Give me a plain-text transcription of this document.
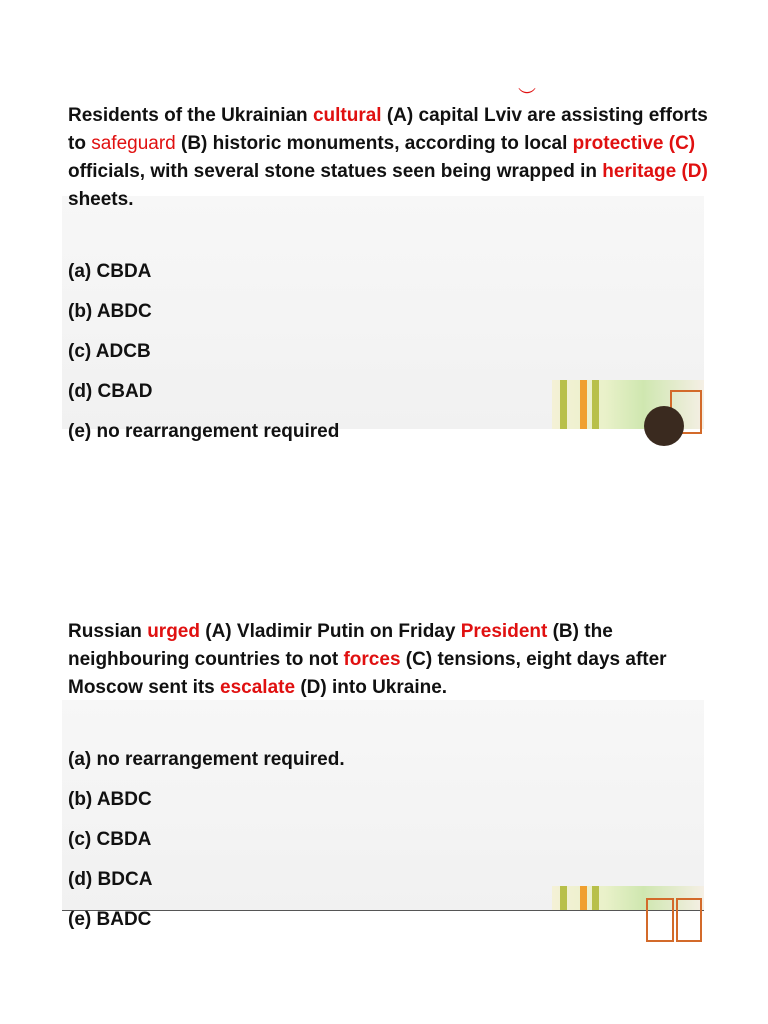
︶

Residents of the Ukrainian cultural (A) capital Lviv are assisting efforts
to safeguard (B) historic monuments, according to local protective (C)
officials, with several stone statues seen being wrapped in heritage (D)
sheets.

(a) CBDA
(b) ABDC
(c) ADCB
(d) CBAD
(e) no rearrangement required

Russian urged (A) Vladimir Putin on Friday President (B) the
neighbouring countries to not forces (C) tensions, eight days after
Moscow sent its escalate (D) into Ukraine.

(a) no rearrangement required.
(b) ABDC
(c) CBDA
(d) BDCA
(e) BADC
